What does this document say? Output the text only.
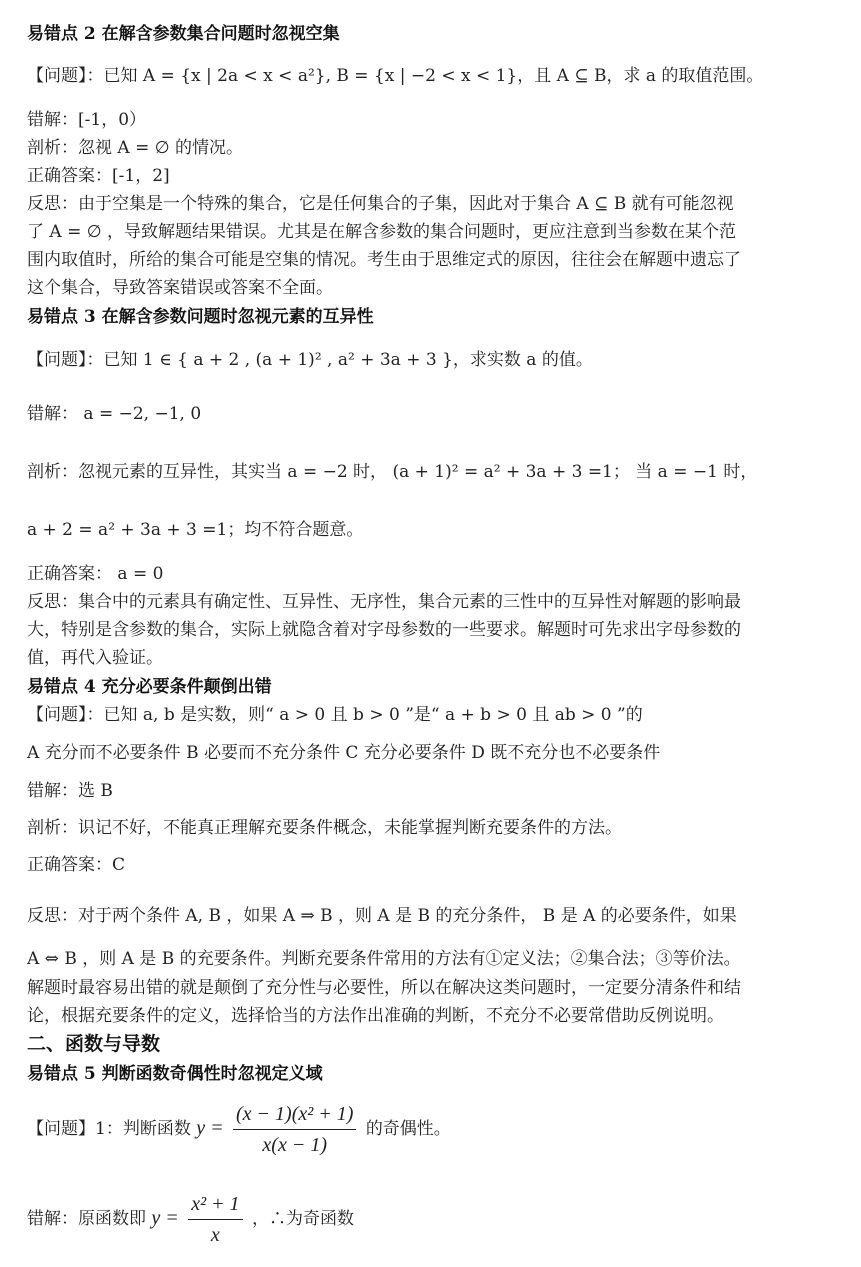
易错点 2 在解含参数集合问题时忽视空集
【问题】：已知 A = {x | 2a < x < a²}, B = {x | −2 < x < 1}，且 A ⊆ B，求 a 的取值范围。
错解：[-1，0）
剖析：忽视 A = ∅ 的情况。
正确答案：[-1，2]
反思：由于空集是一个特殊的集合，它是任何集合的子集，因此对于集合 A ⊆ B 就有可能忽视
了 A = ∅ ，导致解题结果错误。尤其是在解含参数的集合问题时，更应注意到当参数在某个范
围内取值时，所给的集合可能是空集的情况。考生由于思维定式的原因，往往会在解题中遗忘了
这个集合，导致答案错误或答案不全面。
易错点 3 在解含参数问题时忽视元素的互异性
【问题】：已知 1 ∈ { a + 2 , (a + 1)² , a² + 3a + 3 }，求实数 a 的值。
错解： a = −2, −1, 0
剖析：忽视元素的互异性，其实当 a = −2 时， (a + 1)² = a² + 3a + 3 =1； 当 a = −1 时，
a + 2 = a² + 3a + 3 =1；均不符合题意。
正确答案： a = 0
反思：集合中的元素具有确定性、互异性、无序性，集合元素的三性中的互异性对解题的影响最
大，特别是含参数的集合，实际上就隐含着对字母参数的一些要求。解题时可先求出字母参数的
值，再代入验证。
易错点 4 充分必要条件颠倒出错
【问题】：已知 a, b 是实数，则“ a > 0 且 b > 0 ”是“ a + b > 0 且 ab > 0 ”的
A 充分而不必要条件 B 必要而不充分条件 C 充分必要条件 D 既不充分也不必要条件
错解：选 B
剖析：识记不好，不能真正理解充要条件概念，未能掌握判断充要条件的方法。
正确答案：C
反思：对于两个条件 A, B ，如果 A ⇒ B ，则 A 是 B 的充分条件， B 是 A 的必要条件，如果
A ⇔ B ，则 A 是 B 的充要条件。判断充要条件常用的方法有①定义法；②集合法；③等价法。
解题时最容易出错的就是颠倒了充分性与必要性，所以在解决这类问题时，一定要分清条件和结
论，根据充要条件的定义，选择恰当的方法作出准确的判断，不充分不必要常借助反例说明。
二、函数与导数
易错点 5 判断函数奇偶性时忽视定义域
【问题】1：判断函数 $y = \frac{\text{(x − 1)(x² + 1)}}{x(x - 1)}$ 的奇偶性。
错解：原函数即 $y = \frac{\text{x² + 1}}{x}$ ，∴为奇函数
